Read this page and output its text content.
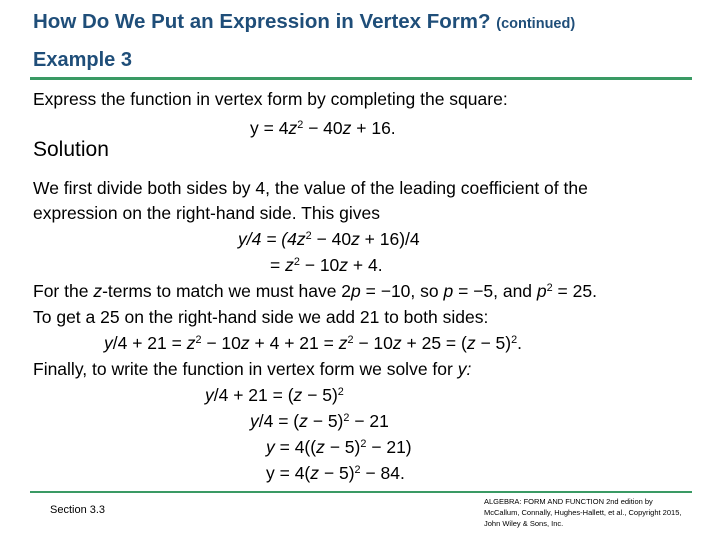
How Do We Put an Expression in Vertex Form? (continued)
Example 3
Express the function in vertex form by completing the square:
$y = 4z^2 - 40z + 16$.
Solution
We first divide both sides by 4, the value of the leading coefficient of the
expression on the right-hand side. This gives
$y/4 = (4z^2 - 40z + 16)/4$
= $z^2 - 10z + 4$.
For the z-terms to match we must have 2p = −10, so p = −5, and $p^2 = 25$.
To get a 25 on the right-hand side we add 21 to both sides:
$y/4 + 21 = z^2 - 10z + 4 + 21 = z^2 - 10z + 25 = (z - 5)^2$.
Finally, to write the function in vertex form we solve for y:
$y/4 + 21 = (z - 5)^2$
$y/4 = (z - 5)^2 - 21$
$y = 4((z - 5)^2 - 21)$
$y = 4(z - 5)^2 - 84$.
Section 3.3
ALGEBRA: FORM AND FUNCTION 2nd edition by McCallum, Connally, Hughes-Hallett, et al., Copyright 2015, John Wiley & Sons, Inc.
